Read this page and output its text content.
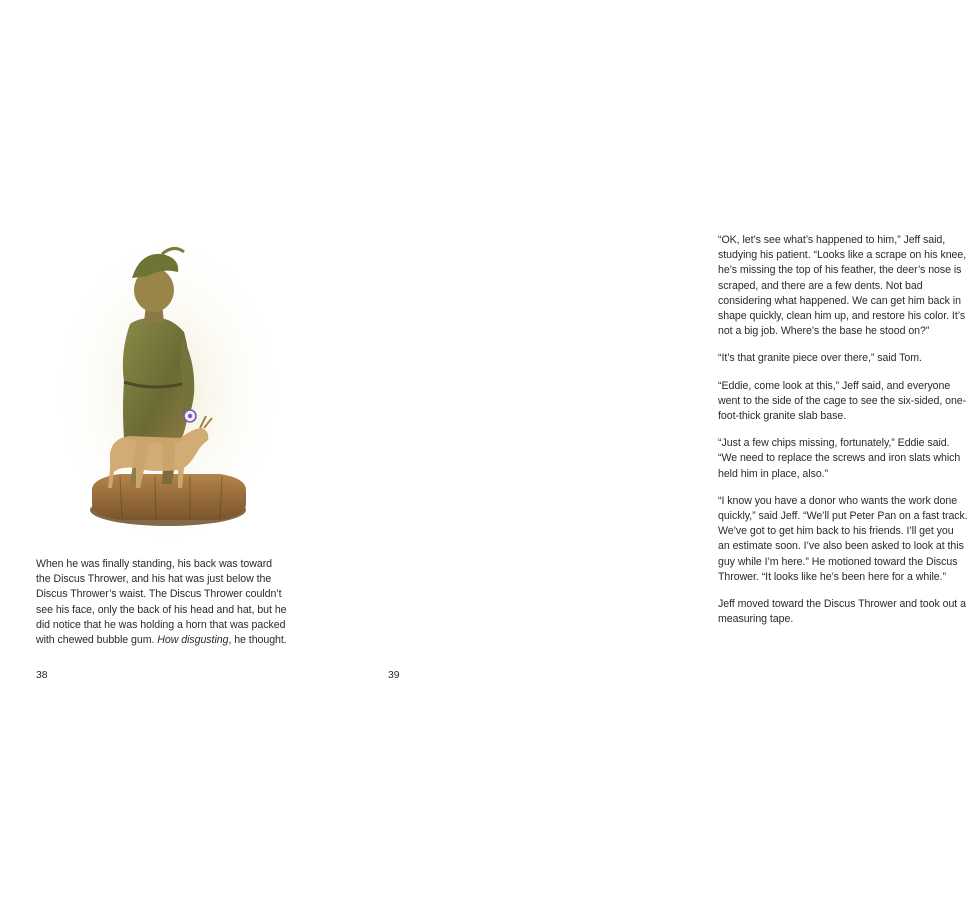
When he was finally standing, his back was toward the Discus Thrower, and his hat was just below the Discus Thrower’s waist. The Discus Thrower couldn’t see his face, only the back of his head and hat, but he did notice that he was holding a horn that was packed with chewed bubble gum. How disgusting, he thought.

38

“OK, let’s see what’s happened to him,” Jeff said, studying his patient. “Looks like a scrape on his knee, he’s missing the top of his feather, the deer’s nose is scraped, and there are a few dents. Not bad considering what happened. We can get him back in shape quickly, clean him up, and restore his color. It’s not a big job. Where’s the base he stood on?”

“It’s that granite piece over there,” said Tom.

“Eddie, come look at this,” Jeff said, and everyone went to the side of the cage to see the six-sided, one-foot-thick granite slab base.

“Just a few chips missing, fortunately,” Eddie said. “We need to replace the screws and iron slats which held him in place, also.”

“I know you have a donor who wants the work done quickly,” said Jeff. “We’ll put Peter Pan on a fast track. We’ve got to get him back to his friends. I’ll get you an estimate soon. I’ve also been asked to look at this guy while I’m here.” He motioned toward the Discus Thrower. “It looks like he’s been here for a while.”

Jeff moved toward the Discus Thrower and took out a measuring tape.

39
